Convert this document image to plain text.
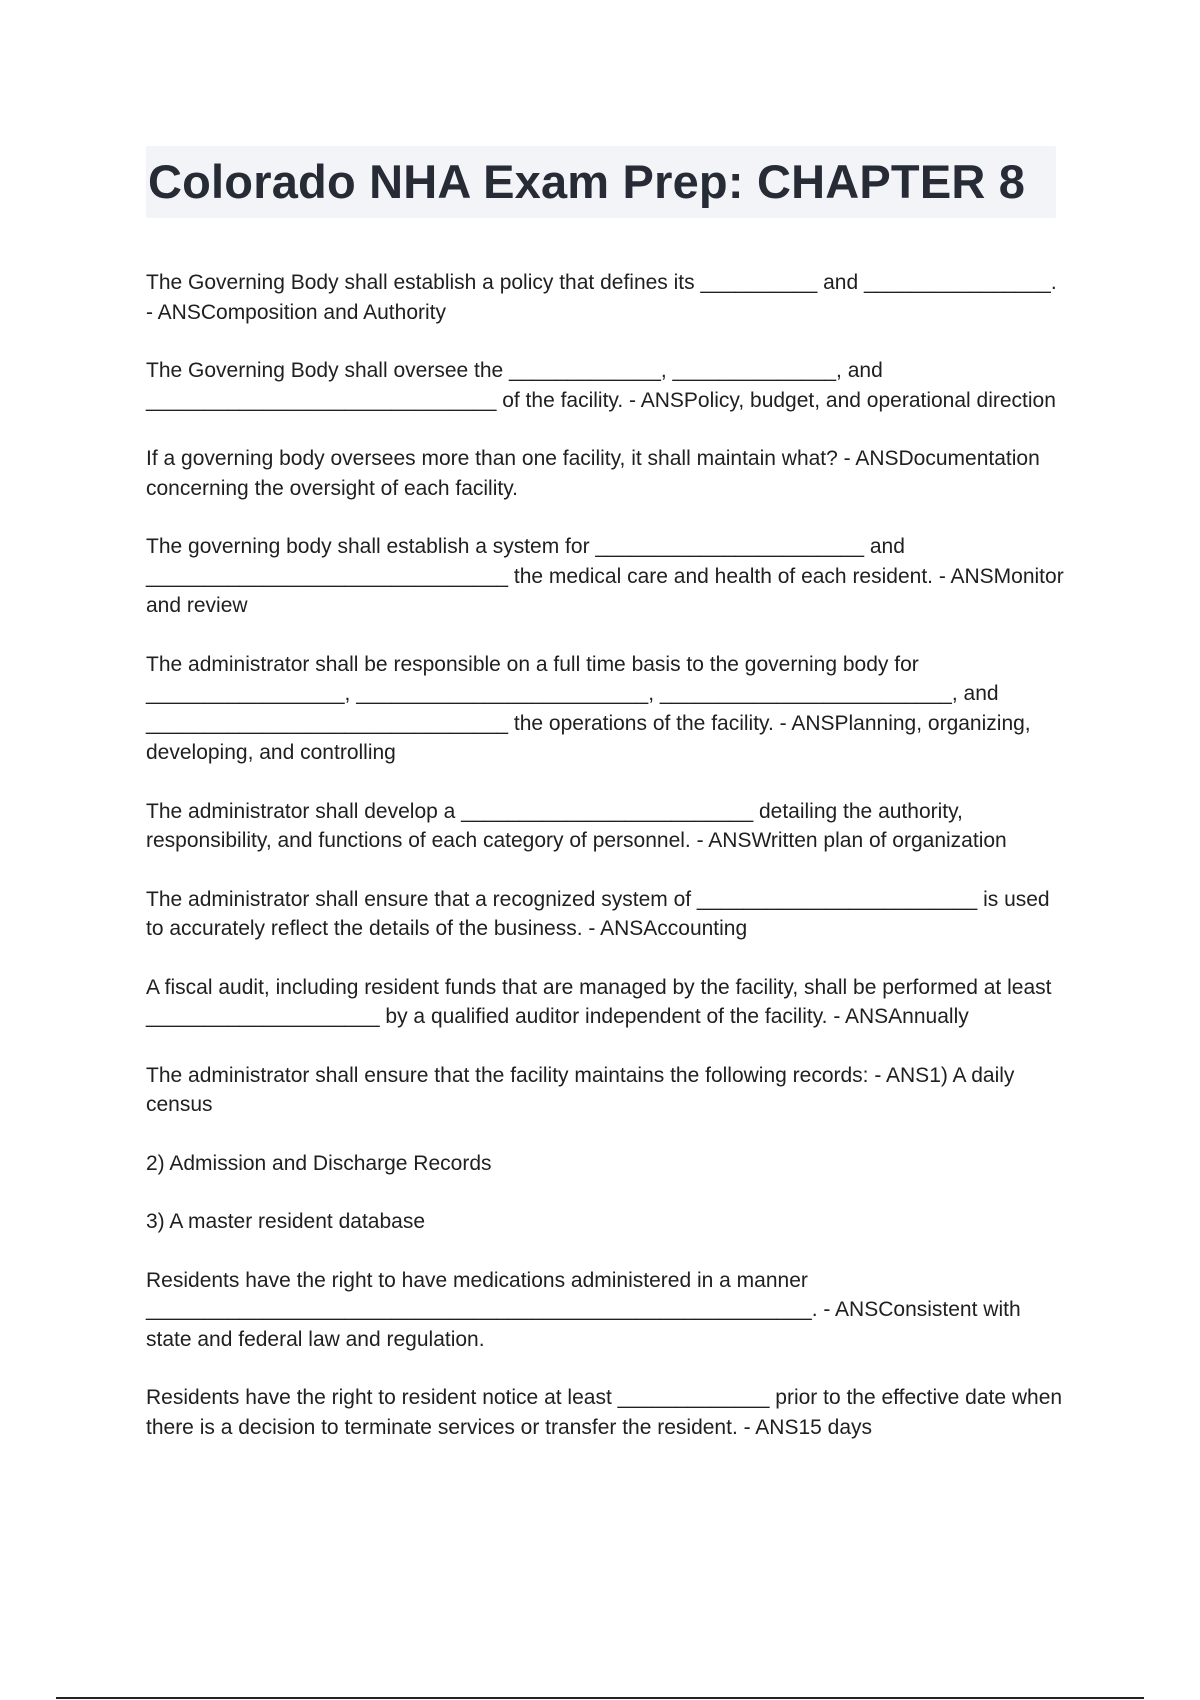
Colorado NHA Exam Prep: CHAPTER 8

The Governing Body shall establish a policy that defines its __________ and ________________. - ANSComposition and Authority

The Governing Body shall oversee the _____________, ______________, and ______________________________ of the facility. - ANSPolicy, budget, and operational direction

If a governing body oversees more than one facility, it shall maintain what? - ANSDocumentation concerning the oversight of each facility.

The governing body shall establish a system for _______________________ and _______________________________ the medical care and health of each resident. - ANSMonitor and review

The administrator shall be responsible on a full time basis to the governing body for _________________, _________________________, _________________________, and _______________________________ the operations of the facility. - ANSPlanning, organizing, developing, and controlling

The administrator shall develop a _________________________ detailing the authority, responsibility, and functions of each category of personnel. - ANSWritten plan of organization

The administrator shall ensure that a recognized system of ________________________ is used to accurately reflect the details of the business. - ANSAccounting

A fiscal audit, including resident funds that are managed by the facility, shall be performed at least ____________________ by a qualified auditor independent of the facility. - ANSAnnually

The administrator shall ensure that the facility maintains the following records: - ANS1) A daily census

2) Admission and Discharge Records

3) A master resident database

Residents have the right to have medications administered in a manner _________________________________________________________. - ANSConsistent with state and federal law and regulation.

Residents have the right to resident notice at least _____________ prior to the effective date when there is a decision to terminate services or transfer the resident. - ANS15 days
